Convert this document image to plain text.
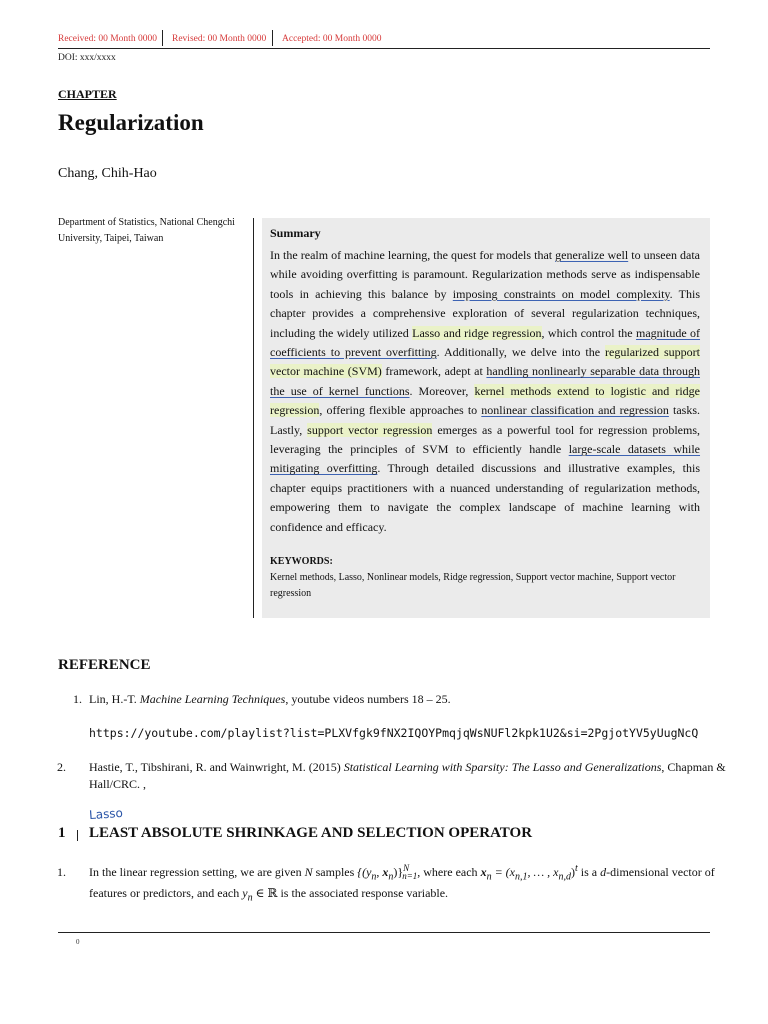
Received: 00 Month 0000 Revised: 00 Month 0000 Accepted: 00 Month 0000
DOI: xxx/xxxx
CHAPTER
Regularization
Chang, Chih-Hao
Department of Statistics, National Chengchi University, Taipei, Taiwan	Summary
In the realm of machine learning, the quest for models that generalize well to unseen data while avoiding overfitting is paramount. Regularization methods serve as indispensable tools in achieving this balance by imposing constraints on model complexity. This chapter provides a comprehensive exploration of several regularization techniques, including the widely utilized Lasso and ridge regression, which control the magnitude of coefficients to prevent overfitting. Additionally, we delve into the regularized support vector machine (SVM) framework, adept at handling nonlinearly separable data through the use of kernel functions. Moreover, kernel methods extend to logistic and ridge regression, offering flexible approaches to nonlinear classification and regression tasks. Lastly, support vector regression emerges as a powerful tool for regression problems, leveraging the principles of SVM to efficiently handle large-scale datasets while mitigating overfitting. Through detailed discussions and illustrative examples, this chapter equips practitioners with a nuanced understanding of regularization methods, empowering them to navigate the complex landscape of machine learning with confidence and efficacy.
KEYWORDS:
Kernel methods, Lasso, Nonlinear models, Ridge regression, Support vector machine, Support vector regression
REFERENCE
1. Lin, H.-T. Machine Learning Techniques, youtube videos numbers 18 – 25.
https://youtube.com/playlist?list=PLXVfgk9fNX2IQOYPmqjqWsNUFl2kpk1U2&si=2PgjotYV5yUugNcQ
2. Hastie, T., Tibshirani, R. and Wainwright, M. (2015) Statistical Learning with Sparsity: The Lasso and Generalizations, Chapman & Hall/CRC. ,
Lasso
1 LEAST ABSOLUTE SHRINKAGE AND SELECTION OPERATOR
1. In the linear regression setting, we are given N samples {($y_n$, $x_n)\}^N_{n=1}$, where each $x_n = (x_{n,1}$, … , $x_{n,d})^t$ is a d-dimensional vector of features or predictors, and each $y_n$ ∈ ℝ is the associated response variable.
0
